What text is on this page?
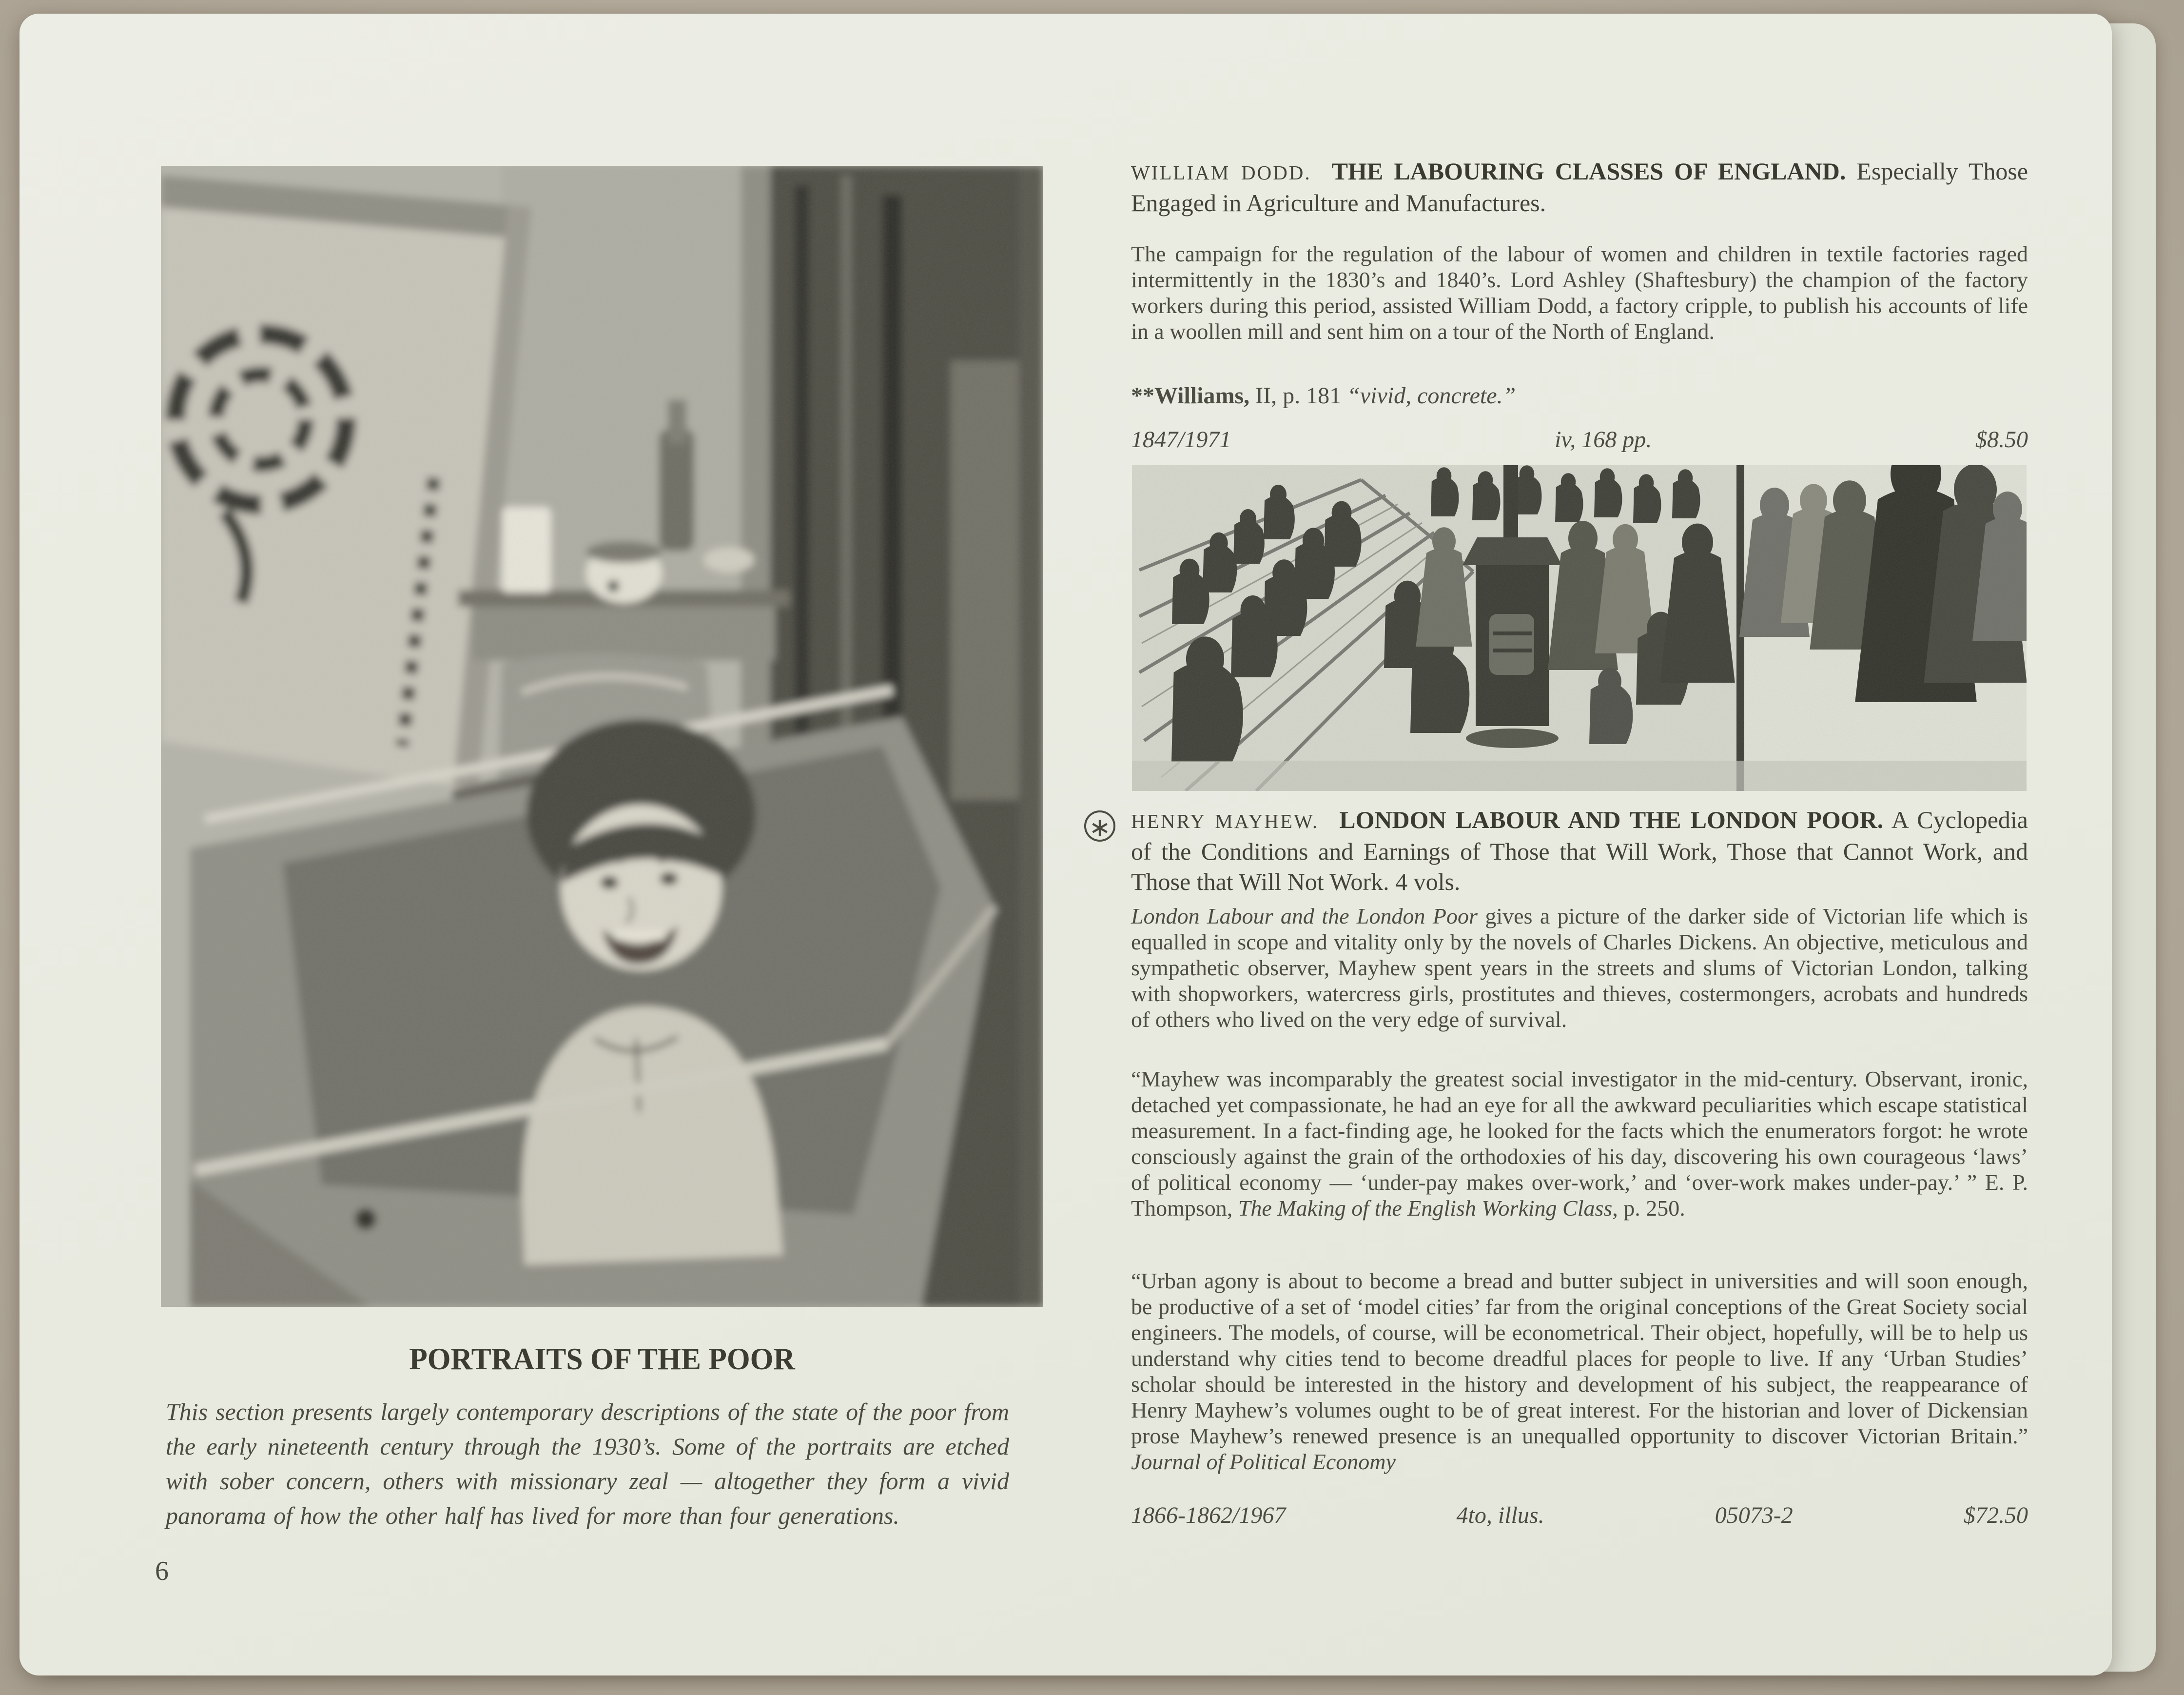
PORTRAITS OF THE POOR

This section presents largely contemporary descriptions of the state of the poor from the early nineteenth century through the 1930’s. Some of the portraits are etched with sober concern, others with missionary zeal — altogether they form a vivid panorama of how the other half has lived for more than four generations.

6

WILLIAM DODD. THE LABOURING CLASSES OF ENGLAND. Especially Those Engaged in Agriculture and Manufactures.

The campaign for the regulation of the labour of women and children in textile factories raged intermittently in the 1830’s and 1840’s. Lord Ashley (Shaftesbury) the champion of the factory workers during this period, assisted William Dodd, a factory cripple, to publish his accounts of life in a woollen mill and sent him on a tour of the North of England.

**Williams, II, p. 181 “vivid, concrete.”

1847/1971	iv, 168 pp.	$8.50
∗ HENRY MAYHEW. LONDON LABOUR AND THE LONDON POOR. A Cyclopedia of the Conditions and Earnings of Those that Will Work, Those that Cannot Work, and Those that Will Not Work. 4 vols.

London Labour and the London Poor gives a picture of the darker side of Victorian life which is equalled in scope and vitality only by the novels of Charles Dickens. An objective, meticulous and sympathetic observer, Mayhew spent years in the streets and slums of Victorian London, talking with shopworkers, watercress girls, prostitutes and thieves, costermongers, acrobats and hundreds of others who lived on the very edge of survival.

“Mayhew was incomparably the greatest social investigator in the mid-century. Observant, ironic, detached yet compassionate, he had an eye for all the awkward peculiarities which escape statistical measurement. In a fact-finding age, he looked for the facts which the enumerators forgot: he wrote consciously against the grain of the orthodoxies of his day, discovering his own courageous ‘laws’ of political economy — ‘under-pay makes over-work,’ and ‘over-work makes under-pay.’ ” E. P. Thompson, The Making of the English Working Class, p. 250.

“Urban agony is about to become a bread and butter subject in universities and will soon enough, be productive of a set of ‘model cities’ far from the original conceptions of the Great Society social engineers. The models, of course, will be econometrical. Their object, hopefully, will be to help us understand why cities tend to become dreadful places for people to live. If any ‘Urban Studies’ scholar should be interested in the history and development of his subject, the reappearance of Henry Mayhew’s volumes ought to be of great interest. For the historian and lover of Dickensian prose Mayhew’s renewed presence is an unequalled opportunity to discover Victorian Britain.” Journal of Political Economy

1866-1862/1967	4to, illus.	05073-2	$72.50
